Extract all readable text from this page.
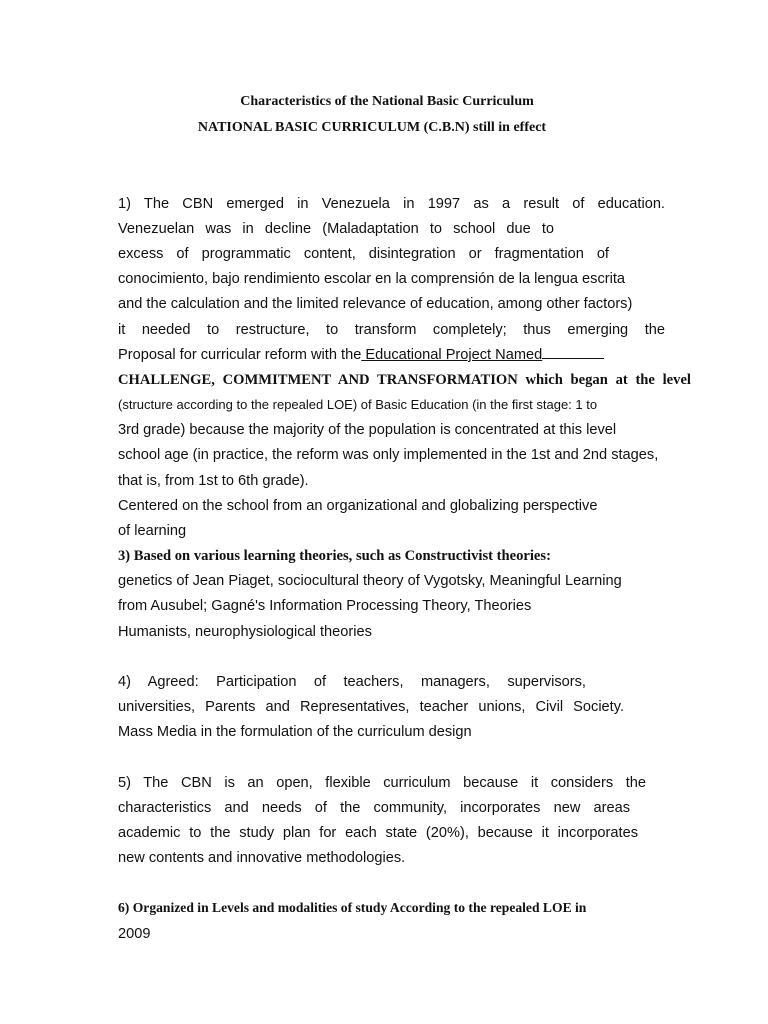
Characteristics of the National Basic Curriculum
NATIONAL BASIC CURRICULUM (C.B.N) still in effect
1) The CBN emerged in Venezuela in 1997 as a result of education.
Venezuelan was in decline (Maladaptation to school due to
excess of programmatic content, disintegration or fragmentation of
conocimiento, bajo rendimiento escolar en la comprensión de la lengua escrita
and the calculation and the limited relevance of education, among other factors)
it needed to restructure, to transform completely; thus emerging the
Proposal for curricular reform with the Educational Project Named
CHALLENGE, COMMITMENT AND TRANSFORMATION which began at the level
(structure according to the repealed LOE) of Basic Education (in the first stage: 1 to
3rd grade) because the majority of the population is concentrated at this level
school age (in practice, the reform was only implemented in the 1st and 2nd stages,
that is, from 1st to 6th grade).
Centered on the school from an organizational and globalizing perspective
of learning
3) Based on various learning theories, such as Constructivist theories:
genetics of Jean Piaget, sociocultural theory of Vygotsky, Meaningful Learning
from Ausubel; Gagné's Information Processing Theory, Theories
Humanists, neurophysiological theories
4) Agreed: Participation of teachers, managers, supervisors,
universities, Parents and Representatives, teacher unions, Civil Society.
Mass Media in the formulation of the curriculum design
5) The CBN is an open, flexible curriculum because it considers the
characteristics and needs of the community, incorporates new areas
academic to the study plan for each state (20%), because it incorporates
new contents and innovative methodologies.
6) Organized in Levels and modalities of study According to the repealed LOE in
2009
